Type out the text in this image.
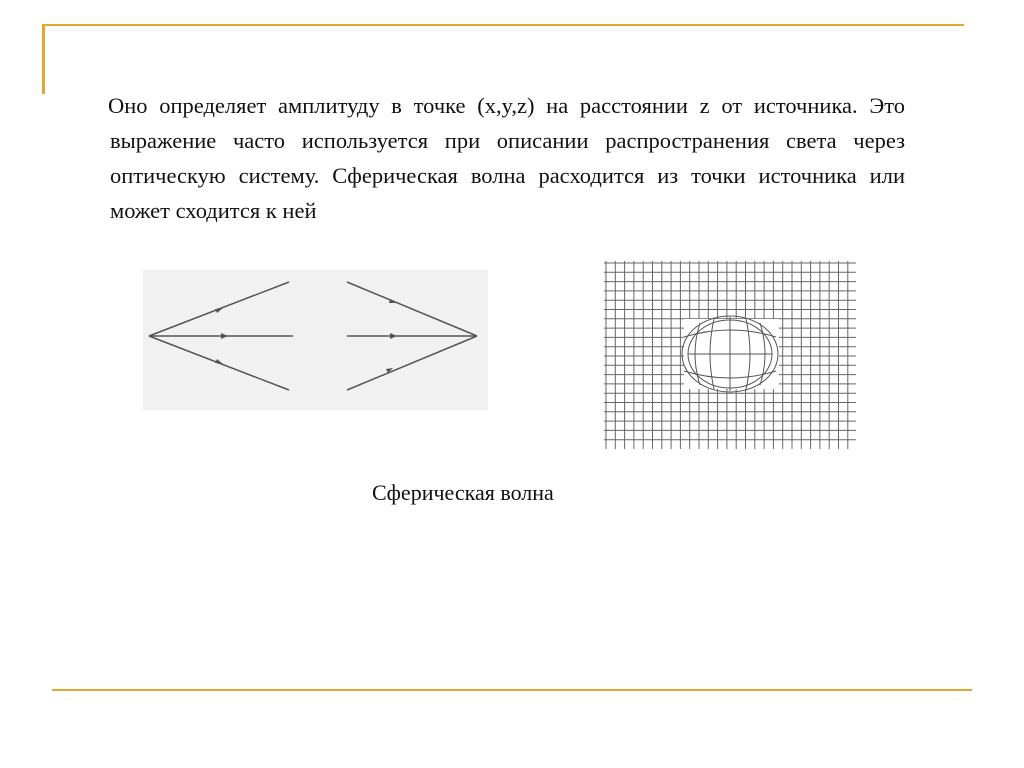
Оно определяет амплитуду в точке (x,y,z) на расстоянии z от источника. Это выражение часто используется при описании распространения света через оптическую систему. Сферическая волна расходится из точки источника или может сходится к ней

Сферическая волна
